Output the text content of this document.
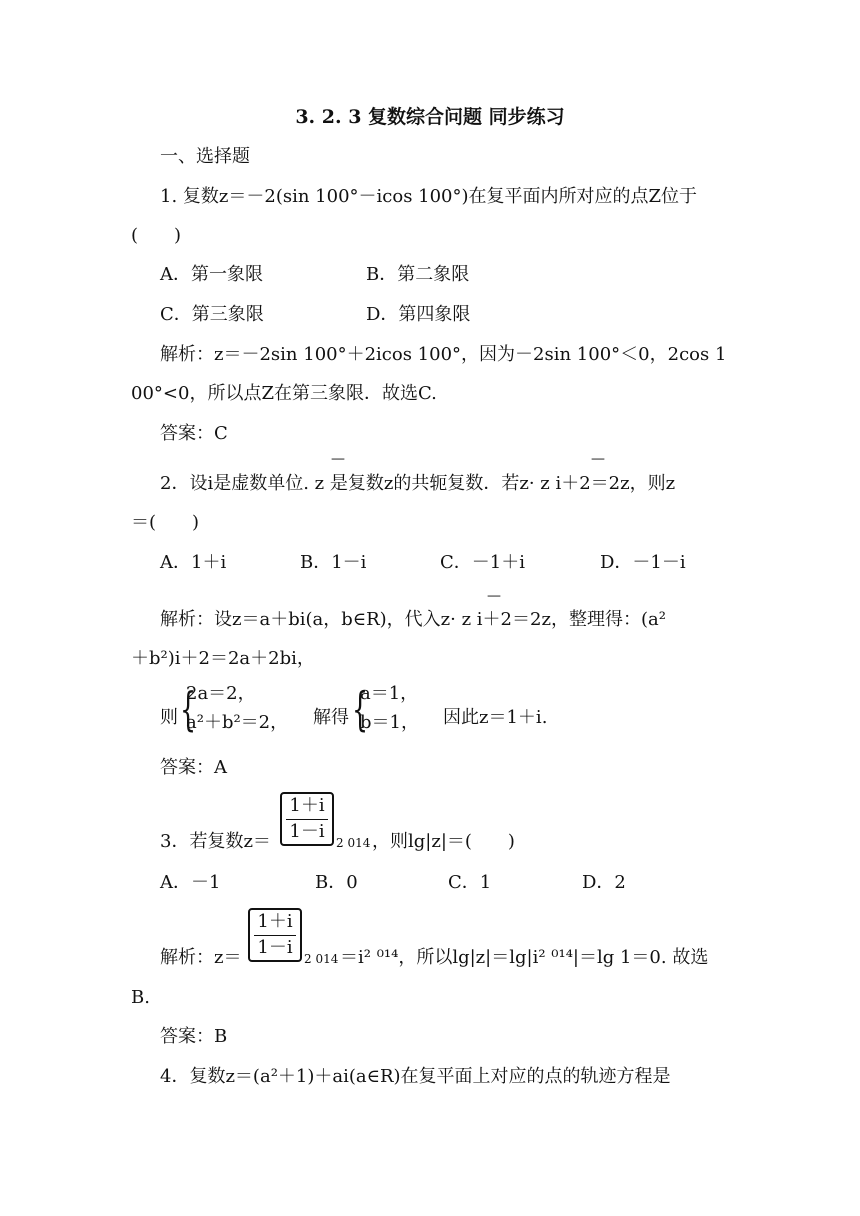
3. 2. 3 复数综合问题 同步练习
一、选择题
1. 复数z＝－2(sin 100°－icos 100°)在复平面内所对应的点Z位于
(　　)
A．第一象限	B．第二象限
C．第三象限	D．第四象限
解析：z＝－2sin 100°＋2icos 100°，因为－2sin 100°＜0，2cos 1
00°<0，所以点Z在第三象限．故选C.
答案：C
—	—
2．设i是虚数单位. z 是复数z的共轭复数．若z· z i＋2＝2z，则z
＝(　　)
A．1＋i	B．1－i	C．－1＋i	D．－1－i
—
解析：设z＝a＋bi(a，b∈R)，代入z· z i＋2＝2z，整理得：(a²
＋b²)i＋2＝2a＋2bi，
则 {
2a＝2，
a²＋b²＝2， 解得 {
a＝1，
b＝1， 因此z＝1＋i.
答案：A
3．若复数z＝
1＋i
1－i
2 014 ，则lg|z|＝(　　)
A．－1	B．0	C．1	D．2
解析：z＝
1＋i
1－i
2 014 ＝i² ⁰¹⁴，所以lg|z|＝lg|i² ⁰¹⁴|＝lg 1＝0. 故选
B.
答案：B
4．复数z＝(a²＋1)＋ai(a∈R)在复平面上对应的点的轨迹方程是
